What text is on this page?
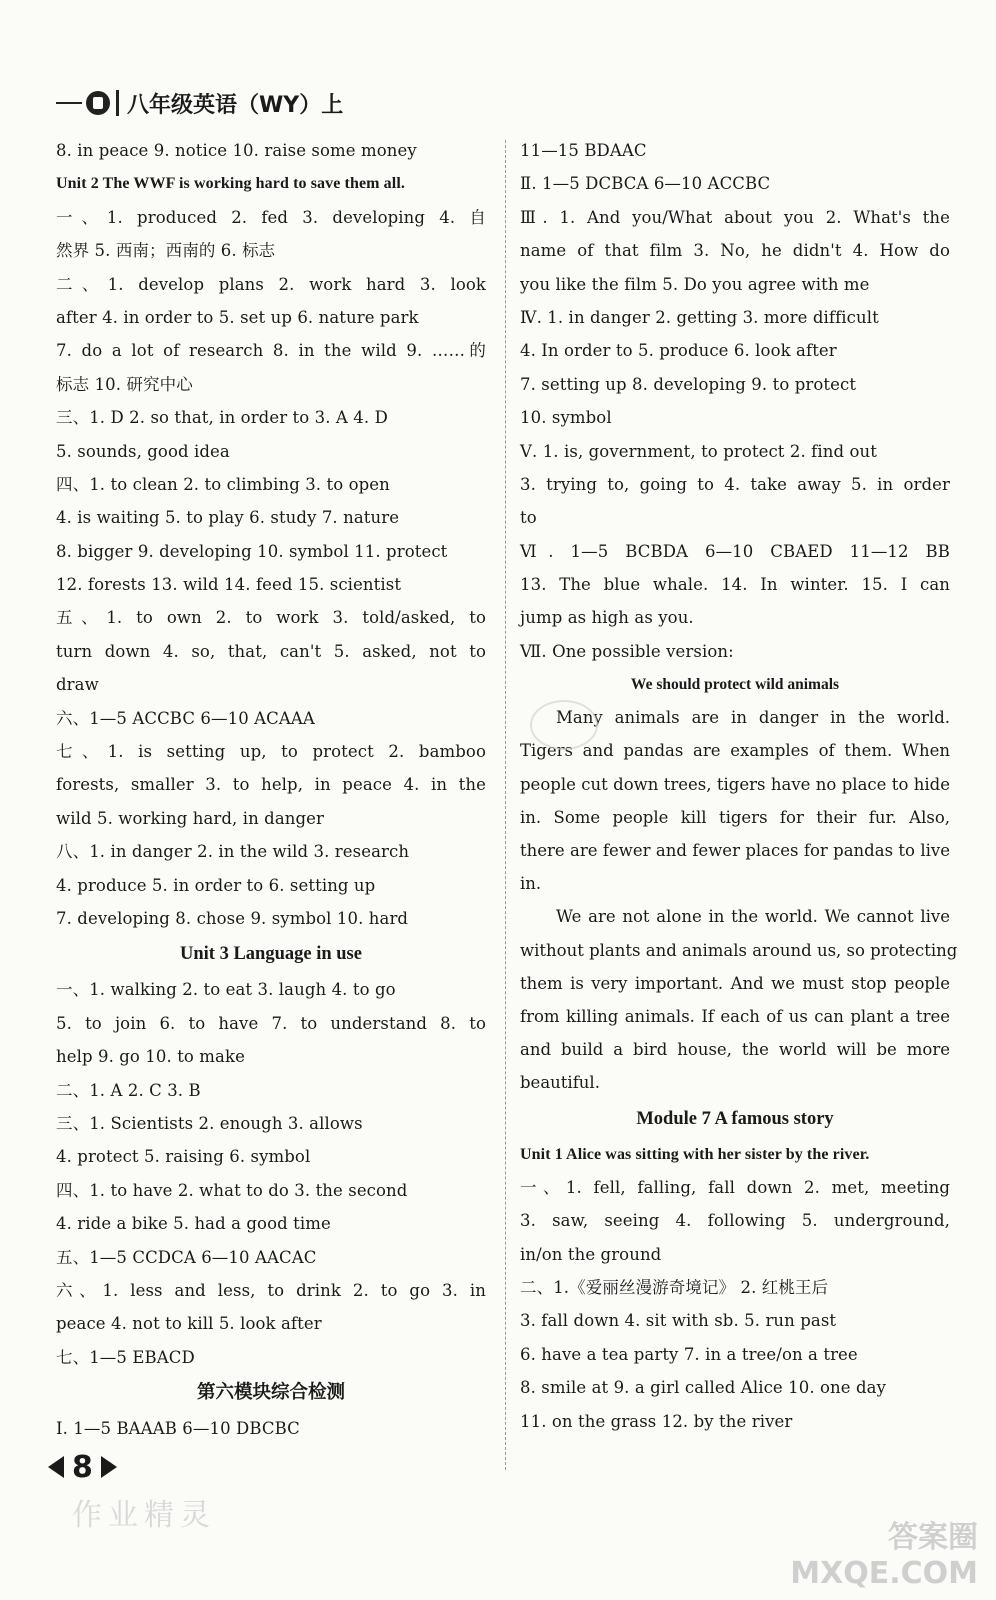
八年级英语（WY）上
8. in peace 9. notice 10. raise some money
Unit 2 The WWF is working hard to save them all.
一、1. produced 2. fed 3. developing 4. 自
然界 5. 西南；西南的 6. 标志
二、1. develop plans 2. work hard 3. look
after 4. in order to 5. set up 6. nature park
7. do a lot of research 8. in the wild 9. ……的
标志 10. 研究中心
三、1. D 2. so that, in order to 3. A 4. D
5. sounds, good idea
四、1. to clean 2. to climbing 3. to open
4. is waiting 5. to play 6. study 7. nature
8. bigger 9. developing 10. symbol 11. protect
12. forests 13. wild 14. feed 15. scientist
五、1. to own 2. to work 3. told/asked, to
turn down 4. so, that, can't 5. asked, not to
draw
六、1—5 ACCBC 6—10 ACAAA
七、1. is setting up, to protect 2. bamboo
forests, smaller 3. to help, in peace 4. in the
wild 5. working hard, in danger
八、1. in danger 2. in the wild 3. research
4. produce 5. in order to 6. setting up
7. developing 8. chose 9. symbol 10. hard
Unit 3 Language in use
一、1. walking 2. to eat 3. laugh 4. to go
5. to join 6. to have 7. to understand 8. to
help 9. go 10. to make
二、1. A 2. C 3. B
三、1. Scientists 2. enough 3. allows
4. protect 5. raising 6. symbol
四、1. to have 2. what to do 3. the second
4. ride a bike 5. had a good time
五、1—5 CCDCA 6—10 AACAC
六、1. less and less, to drink 2. to go 3. in
peace 4. not to kill 5. look after
七、1—5 EBACD
第六模块综合检测
Ⅰ. 1—5 BAAAB 6—10 DBCBC
11—15 BDAAC
Ⅱ. 1—5 DCBCA 6—10 ACCBC
Ⅲ. 1. And you/What about you 2. What's the
name of that film 3. No, he didn't 4. How do
you like the film 5. Do you agree with me
Ⅳ. 1. in danger 2. getting 3. more difficult
4. In order to 5. produce 6. look after
7. setting up 8. developing 9. to protect
10. symbol
Ⅴ. 1. is, government, to protect 2. find out
3. trying to, going to 4. take away 5. in order
to
Ⅵ. 1—5 BCBDA 6—10 CBAED 11—12 BB
13. The blue whale. 14. In winter. 15. I can
jump as high as you.
Ⅶ. One possible version:
We should protect wild animals
Many animals are in danger in the world.
Tigers and pandas are examples of them. When
people cut down trees, tigers have no place to hide
in. Some people kill tigers for their fur. Also,
there are fewer and fewer places for pandas to live
in.
We are not alone in the world. We cannot live
without plants and animals around us, so protecting
them is very important. And we must stop people
from killing animals. If each of us can plant a tree
and build a bird house, the world will be more
beautiful.
Module 7 A famous story
Unit 1 Alice was sitting with her sister by the river.
一、1. fell, falling, fall down 2. met, meeting
3. saw, seeing 4. following 5. underground,
in/on the ground
二、1.《爱丽丝漫游奇境记》 2. 红桃王后
3. fall down 4. sit with sb. 5. run past
6. have a tea party 7. in a tree/on a tree
8. smile at 9. a girl called Alice 10. one day
11. on the grass 12. by the river
8
作业精灵
答案圈
MXQE.COM
